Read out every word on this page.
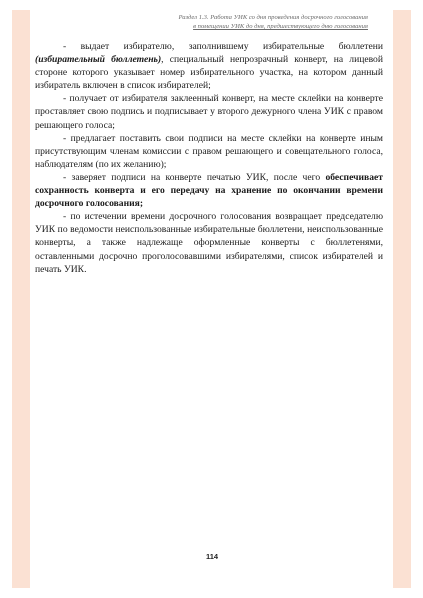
Раздел 1.3. Работа УИК со дня проведения досрочного голосования
в помещении УИК до дня, предшествующего дню голосования

- выдает избирателю, заполнившему избирательные бюллетени (избирательный бюллетень), специальный непрозрачный конверт, на лицевой стороне которого указывает номер избирательного участка, на котором данный избиратель включен в список избирателей;

- получает от избирателя заклеенный конверт, на месте склейки на конверте проставляет свою подпись и подписывает у второго дежурного члена УИК с правом решающего голоса;

- предлагает поставить свои подписи на месте склейки на конверте иным присутствующим членам комиссии с правом решающего и совещательного голоса, наблюдателям (по их желанию);

- заверяет подписи на конверте печатью УИК, после чего обеспечивает сохранность конверта и его передачу на хранение по окончании времени досрочного голосования;

- по истечении времени досрочного голосования возвращает председателю УИК по ведомости неиспользованные избирательные бюллетени, неиспользованные конверты, а также надлежаще оформленные конверты с бюллетенями, оставленными досрочно проголосовавшими избирателями, список избирателей и печать УИК.

114
